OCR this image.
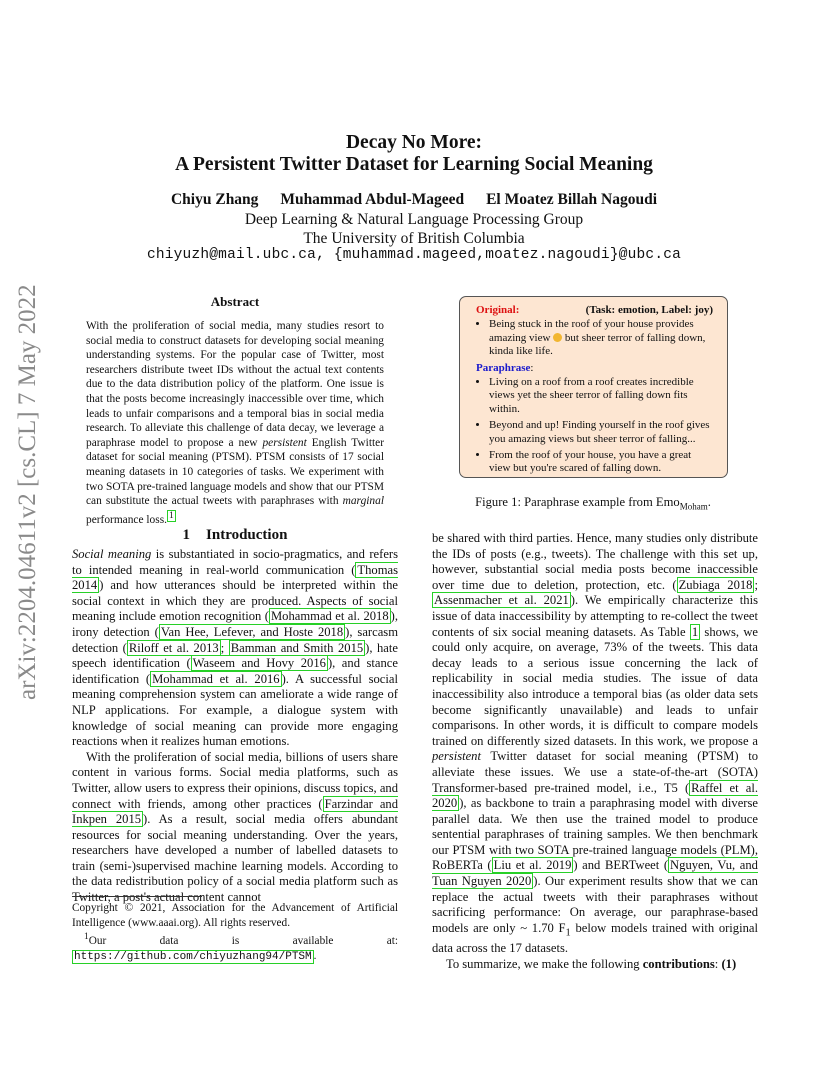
arXiv:2204.04611v2 [cs.CL] 7 May 2022
Decay No More:
A Persistent Twitter Dataset for Learning Social Meaning
Chiyu Zhang Muhammad Abdul-Mageed El Moatez Billah Nagoudi
Deep Learning & Natural Language Processing Group
The University of British Columbia
chiyuzh@mail.ubc.ca, {muhammad.mageed,moatez.nagoudi}@ubc.ca
Abstract
With the proliferation of social media, many studies resort to social media to construct datasets for developing social meaning understanding systems. For the popular case of Twitter, most researchers distribute tweet IDs without the actual text contents due to the data distribution policy of the platform. One issue is that the posts become increasingly inaccessible over time, which leads to unfair comparisons and a temporal bias in social media research. To alleviate this challenge of data decay, we leverage a paraphrase model to propose a new persistent English Twitter dataset for social meaning (PTSM). PTSM consists of 17 social meaning datasets in 10 categories of tasks. We experiment with two SOTA pre-trained language models and show that our PTSM can substitute the actual tweets with paraphrases with marginal performance loss. $^1$
1 Introduction

Social meaning is substantiated in socio-pragmatics, and refers to intended meaning in real-world communication ( Thomas 2014 ) and how utterances should be interpreted within the social context in which they are produced. Aspects of social meaning include emotion recognition ( Mohammad et al. 2018 ), irony detection ( Van Hee, Lefever, and Hoste 2018 ), sarcasm detection ( Riloff et al. 2013 ; Bamman and Smith 2015 ), hate speech identification ( Waseem and Hovy 2016 ), and stance identification ( Mohammad et al. 2016 ). A successful social meaning comprehension system can ameliorate a wide range of NLP applications. For example, a dialogue system with knowledge of social meaning can provide more engaging reactions when it realizes human emotions.

With the proliferation of social media, billions of users share content in various forms. Social media platforms, such as Twitter, allow users to express their opinions, discuss topics, and connect with friends, among other practices ( Farzindar and Inkpen 2015 ). As a result, social media offers abundant resources for social meaning understanding. Over the years, researchers have developed a number of labelled datasets to train (semi-)supervised machine learning models. According to the data redistribution policy of a social media platform such as Twitter, a post's actual content cannot

Copyright © 2021, Association for the Advancement of Artificial Intelligence (www.aaai.org). All rights reserved.
$^1$Our data is available at: https://github.com/chiyuzhang94/PTSM .
Original:	(Task: emotion, Label: joy)
• Being stuck in the roof of your house provides amazing view  but sheer terror of falling down, kinda like life.
Paraphrase:
• Living on a roof from a roof creates incredible views yet the sheer terror of falling down fits within.
• Beyond and up! Finding yourself in the roof gives you amazing views but sheer terror of falling...
• From the roof of your house, you have a great view but you're scared of falling down.
Figure 1: Paraphrase example from Emo$_{Moham}$.

be shared with third parties. Hence, many studies only distribute the IDs of posts (e.g., tweets). The challenge with this set up, however, substantial social media posts become inaccessible over time due to deletion, protection, etc. ( Zubiaga 2018 ; Assenmacher et al. 2021 ). We empirically characterize this issue of data inaccessibility by attempting to re-collect the tweet contents of six social meaning datasets. As Table 1 shows, we could only acquire, on average, 73% of the tweets. This data decay leads to a serious issue concerning the lack of replicability in social media studies. The issue of data inaccessibility also introduce a temporal bias (as older data sets become significantly unavailable) and leads to unfair comparisons. In other words, it is difficult to compare models trained on differently sized datasets. In this work, we propose a persistent Twitter dataset for social meaning (PTSM) to alleviate these issues. We use a state-of-the-art (SOTA) Transformer-based pre-trained model, i.e., T5 ( Raffel et al. 2020 ), as backbone to train a paraphrasing model with diverse parallel data. We then use the trained model to produce sentential paraphrases of training samples. We then benchmark our PTSM with two SOTA pre-trained language models (PLM), RoBERTa ( Liu et al. 2019 ) and BERTweet ( Nguyen, Vu, and Tuan Nguyen 2020 ). Our experiment results show that we can replace the actual tweets with their paraphrases without sacrificing performance: On average, our paraphrase-based models are only ~ 1.70 $F_1$ below models trained with original data across the 17 datasets.

To summarize, we make the following contributions: (1)
